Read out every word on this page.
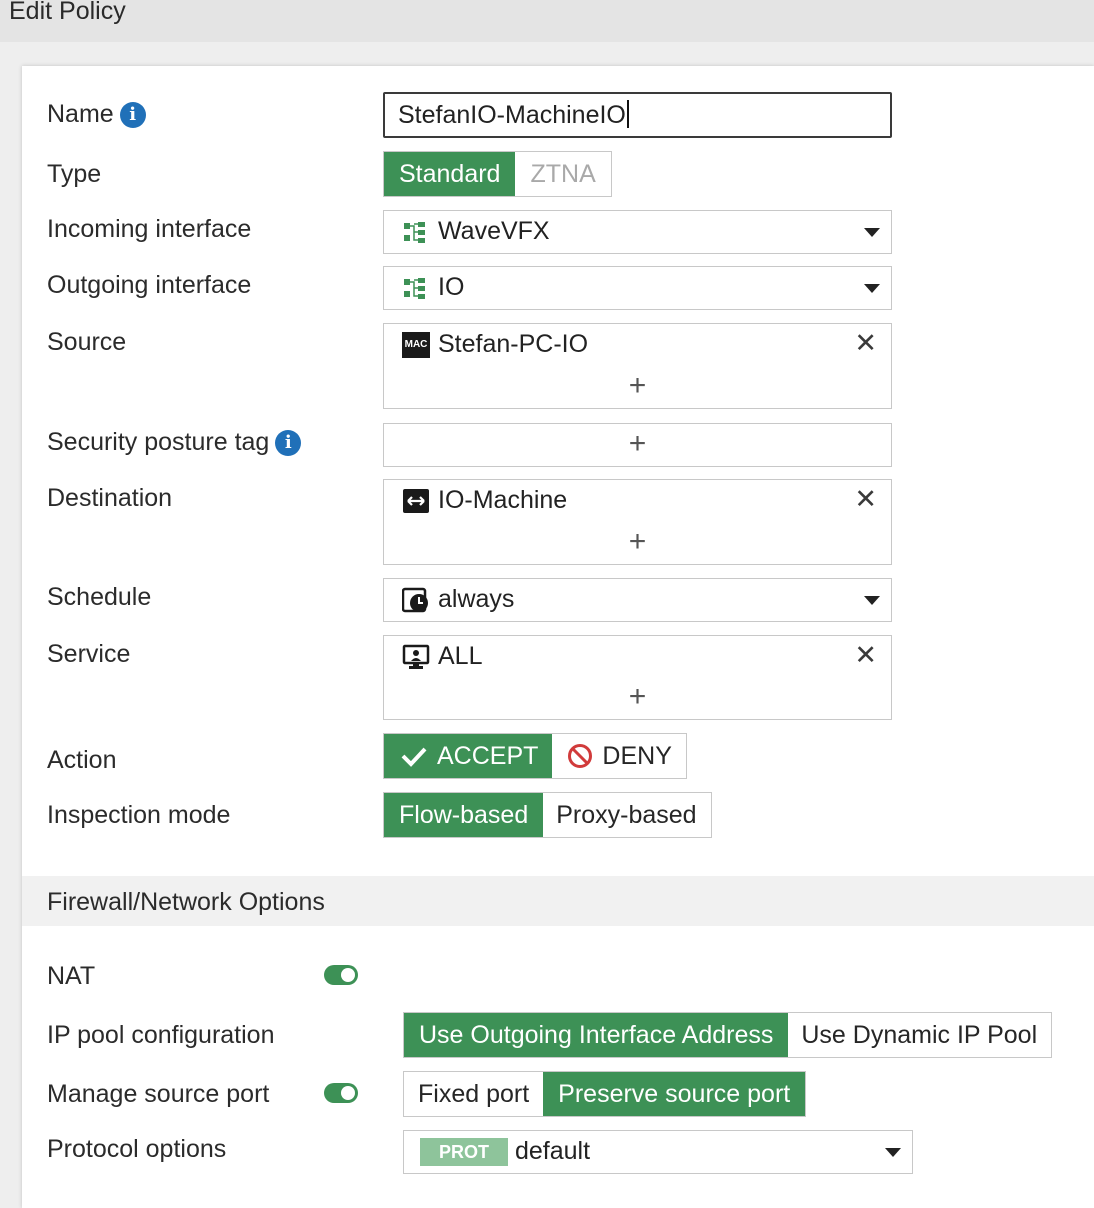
Edit Policy
Name i	StefanIO-MachineIO
Type	Standard	ZTNA
Incoming interface	WaveVFX
Outgoing interface	IO
Source	MAC Stefan-PC-IO	✕
+
Security posture tag i	+
Destination	IO-Machine	✕
+
Schedule	always
Service	ALL	✕
+
Action	ACCEPT	DENY
Inspection mode	Flow-based	Proxy-based
Firewall/Network Options
NAT
IP pool configuration	Use Outgoing Interface Address	Use Dynamic IP Pool
Manage source port	Fixed port	Preserve source port
Protocol options	PROT	default
